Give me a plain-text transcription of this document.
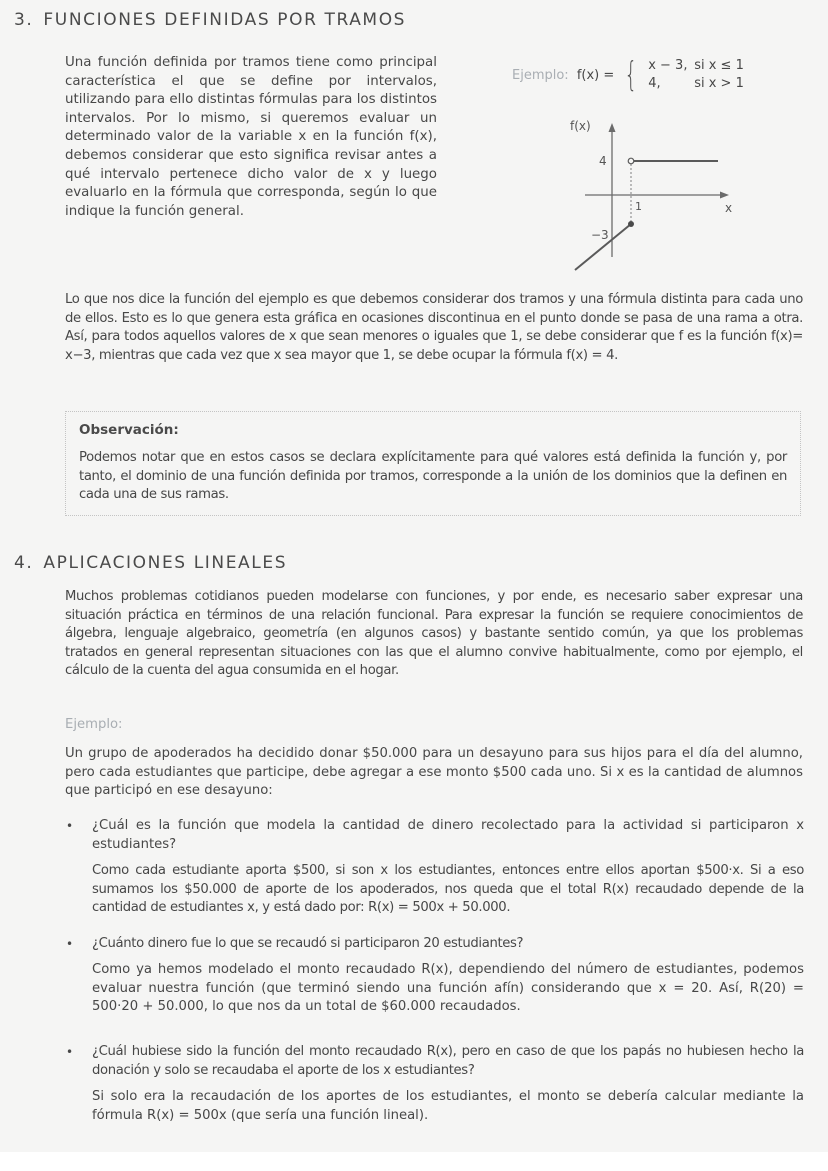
3. FUNCIONES DEFINIDAS POR TRAMOS

Una función definida por tramos tiene como principal característica el que se define por intervalos, utilizando para ello distintas fórmulas para los distintos intervalos. Por lo mismo, si queremos evaluar un determinado valor de la variable x en la función f(x), debemos considerar que esto significa revisar antes a qué intervalo pertenece dicho valor de x y luego evaluarlo en la fórmula que corresponda, según lo que indique la función general.

Ejemplo: f(x) = { x − 3, si x ≤ 1
4,	si x > 1
f(x)
4
1	x
−3

Lo que nos dice la función del ejemplo es que debemos considerar dos tramos y una fórmula distinta para cada uno de ellos. Esto es lo que genera esta gráfica en ocasiones discontinua en el punto donde se pasa de una rama a otra. Así, para todos aquellos valores de x que sean menores o iguales que 1, se debe considerar que f es la función f(x)= x−3, mientras que cada vez que x sea mayor que 1, se debe ocupar la fórmula f(x) = 4.

Observación:

Podemos notar que en estos casos se declara explícitamente para qué valores está definida la función y, por tanto, el dominio de una función definida por tramos, corresponde a la unión de los dominios que la definen en cada una de sus ramas.

4. APLICACIONES LINEALES

Muchos problemas cotidianos pueden modelarse con funciones, y por ende, es necesario saber expresar una situación práctica en términos de una relación funcional. Para expresar la función se requiere conocimientos de álgebra, lenguaje algebraico, geometría (en algunos casos) y bastante sentido común, ya que los problemas tratados en general representan situaciones con las que el alumno convive habitualmente, como por ejemplo, el cálculo de la cuenta del agua consumida en el hogar.

Ejemplo:

Un grupo de apoderados ha decidido donar $50.000 para un desayuno para sus hijos para el día del alumno, pero cada estudiantes que participe, debe agregar a ese monto $500 cada uno. Si x es la cantidad de alumnos que participó en ese desayuno:

• ¿Cuál es la función que modela la cantidad de dinero recolectado para la actividad si participaron x estudiantes?

Como cada estudiante aporta $500, si son x los estudiantes, entonces entre ellos aportan $500·x. Si a eso sumamos los $50.000 de aporte de los apoderados, nos queda que el total R(x) recaudado depende de la cantidad de estudiantes x, y está dado por: R(x) = 500x + 50.000.

• ¿Cuánto dinero fue lo que se recaudó si participaron 20 estudiantes?

Como ya hemos modelado el monto recaudado R(x), dependiendo del número de estudiantes, podemos evaluar nuestra función (que terminó siendo una función afín) considerando que x = 20. Así, R(20) = 500·20 + 50.000, lo que nos da un total de $60.000 recaudados.

• ¿Cuál hubiese sido la función del monto recaudado R(x), pero en caso de que los papás no hubiesen hecho la donación y solo se recaudaba el aporte de los x estudiantes?

Si solo era la recaudación de los aportes de los estudiantes, el monto se debería calcular mediante la fórmula R(x) = 500x (que sería una función lineal).
